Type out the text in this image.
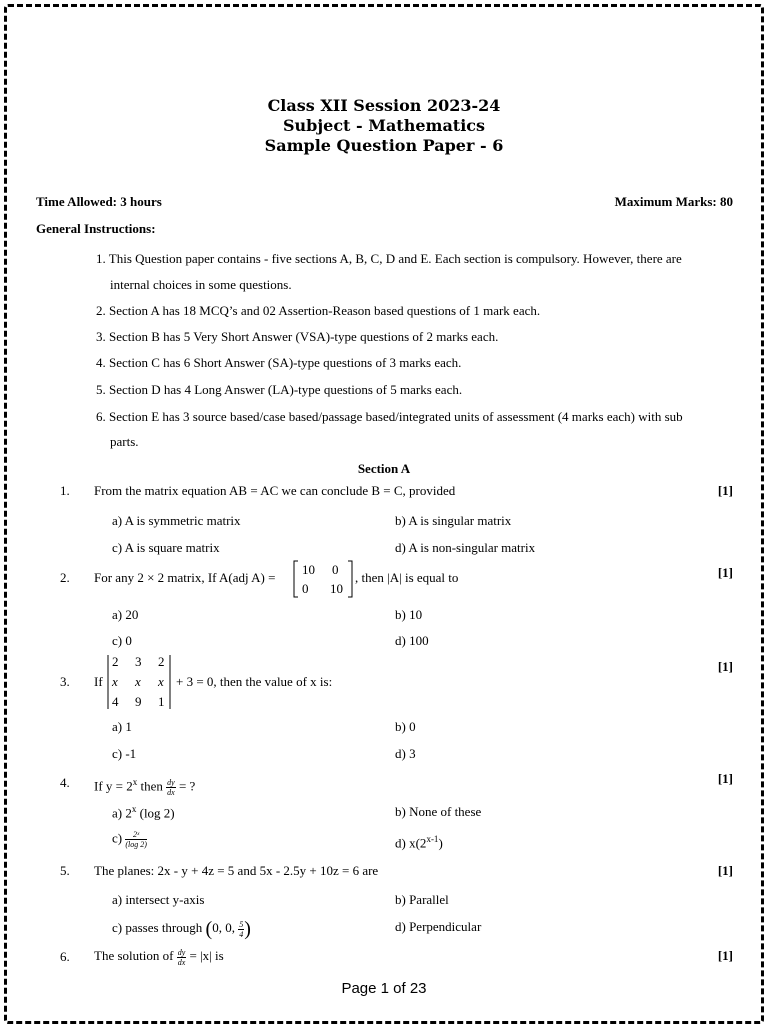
Class XII Session 2023-24
Subject - Mathematics
Sample Question Paper - 6
Time Allowed: 3 hours	Maximum Marks: 80
General Instructions:
1. This Question paper contains - five sections A, B, C, D and E. Each section is compulsory. However, there are
internal choices in some questions.
2. Section A has 18 MCQ’s and 02 Assertion-Reason based questions of 1 mark each.
3. Section B has 5 Very Short Answer (VSA)-type questions of 2 marks each.
4. Section C has 6 Short Answer (SA)-type questions of 3 marks each.
5. Section D has 4 Long Answer (LA)-type questions of 5 marks each.
6. Section E has 3 source based/case based/passage based/integrated units of assessment (4 marks each) with sub
parts.
Section A
1. From the matrix equation AB = AC we can conclude B = C, provided	[1]
a) A is symmetric matrix	b) A is singular matrix
c) A is square matrix	d) A is non-singular matrix
2. For any 2 × 2 matrix, If A(adj A) =
10 0
0 10
, then |A| is equal to	[1]
a) 20	b) 10
c) 0	d) 100
3. If
2 3 2
x x x
4 9 1
+ 3 = 0, then the value of x is:
[1]
a) 1	b) 0
c) -1	d) 3
4. If $y = 2^x$ then $\frac{dy}{dx}$ = ?	[1]
a) 2$^x$ (log 2)	b) None of these
$c) \frac{\text{2ˣ}}{(\log 2)}$	d) x(2$^{x-1}$)
5. The planes: 2x - y + 4z = 5 and 5x - 2.5y + 10z = 6 are	[1]
a) intersect y-axis	b) Parallel
c) passes through (0, 0, $\frac{5}{4}$ )	d) Perpendicular
6. The solution of $\frac{dy}{dx} = |x|$ is	[1]
Page 1 of 23
